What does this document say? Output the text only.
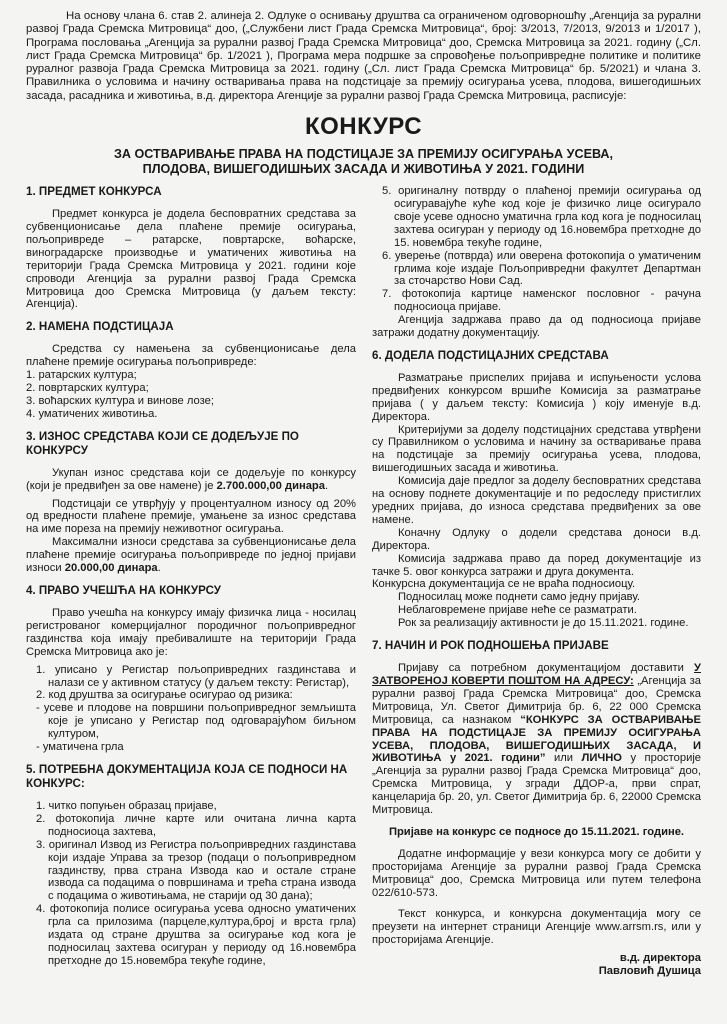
На основу члана 6. став 2. алинеја 2. Одлуке о оснивању друштва са ограниченом одговорношћу „Агенција за рурални развој Града Сремска Митровица“ доо, („Службени лист Града Сремска Митровица“, број: 3/2013, 7/2013, 9/2013 и 1/2017 ), Програма пословања „Агенција за рурални развој Града Сремска Митровица“ доо, Сремска Митровица за 2021. годину („Сл. лист Града Сремска Митровица“ бр. 1/2021 ), Програма мера подршке за спровођење пољопривредне политике и политике руралног развоја Града Сремска Митровица за 2021. годину („Сл. лист Града Сремска Митровица“ бр. 5/2021) и члана 3. Правилника о условима и начину остваривања права на подстицаје за премију осигурања усева, плодова, вишегодишњих засада, расадника и животиња, в.д. директора Агенције за рурални развој Града Сремска Митровица, расписује:

КОНКУРС
ЗА ОСТВАРИВАЊЕ ПРАВА НА ПОДСТИЦАЈЕ ЗА ПРЕМИЈУ ОСИГУРАЊА УСЕВА,
ПЛОДОВА, ВИШЕГОДИШЊИХ ЗАСАДА И ЖИВОТИЊА У 2021. ГОДИНИ
1. ПРЕДМЕТ КОНКУРСА

Предмет конкурса је додела бесповратних средстава за субвенционисање дела плаћене премије осигурања, пољопривреде – ратарске, повртарске, воћарске, виноградарске производње и уматичених животиња на територији Града Сремска Митровица у 2021. години које спроводи Агенција за рурални развој Града Сремска Митровица доо Сремска Митровица (у даљем тексту: Агенција).

2. НАМЕНА ПОДСТИЦАЈА

Средства су намењена за субвенционисање дела плаћене премије осигурања пољопривреде:

1. ратарских култура;

2. повртарских култура;

3. воћарских култура и винове лозе;

4. уматичених животиња.

3. ИЗНОС СРЕДСТАВА КОЈИ СЕ ДОДЕЉУЈЕ ПО КОНКУРСУ

Укупан износ средстава који се додељује по конкурсу (који је предвиђен за ове намене) је 2.700.000,00 динара.

Подстицаји се утврђују у процентуалном износу од 20% од вредности плаћене премије, умањене за износ средстава на име пореза на премију неживотног осигурања.

Максимални износи средстава за субвенционисање дела плаћене премије осигурања пољопривреде по једној пријави износи 20.000,00 динара.

4. ПРАВО УЧЕШЋА НА КОНКУРСУ

Право учешћа на конкурсу имају физичка лица - носилац регистрованог комерцијалног породичног пољопривредног газдинства која имају пребивалиште на територији Града Сремска Митровица ако је:

1. уписано у Регистар пољопривредних газдинстава и налази се у активном статусу (у даљем тексту: Регистар),

2. код друштва за осигурање осигурао од ризика:

- усеве и плодове на површини пољопривредног земљишта које је уписано у Регистар под одговарајућом биљном културом,

- уматичена грла

5. ПОТРЕБНА ДОКУМЕНТАЦИЈА КОЈА СЕ ПОДНОСИ НА КОНКУРС:

1. читко попуњен образац пријаве,

2. фотокопија личне карте или очитана лична карта подносиоца захтева,

3. оригинал Извод из Регистра пољопривредних газдинстава који издаје Управа за трезор (подаци о пољопривредном газдинству, прва страна Извода као и остале стране извода са подацима о површинама и трећа страна извода с подацима о животињама, не старији од 30 дана);

4. фотокопија полисе осигурања усева односно уматичених грла са прилозима (парцеле,култура,број и врста грла) издата од стране друштва за осигурање код кога је подносилац захтева осигуран у периоду од 16.новембра претходне до 15.новембра текуће године,

5. оригиналну потврду о плаћеној премији осигурања од осигуравајуће куће код које је физичко лице осигурало своје усеве односно уматична грла код кога је подносилац захтева осигуран у периоду од 16.новембра претходне до 15. новембра текуће године,

6. уверење (потврда) или оверена фотокопија о уматиченим грлима које издаје Пољопривредни факултет Департман за сточарство Нови Сад.

7. фотокопија картице наменског пословног - рачуна подносиоца пријаве.

Агенција задржава право да од подносиоца пријаве затражи додатну документацију.

6. ДОДЕЛА ПОДСТИЦАЈНИХ СРЕДСТАВА

Разматрање приспелих пријава и испуњености услова предвиђених конкурсом вршиће Комисија за разматрање пријава ( у даљем тексту: Комисија ) коју именује в.д. Директора.

Критеријуми за доделу подстицајних средстава утврђени су Правилником о условима и начину за остваривање права на подстицаје за премију осигурања усева, плодова, вишегодишњих засада и животиња.

Комисија даје предлог за доделу бесповратних средстава на основу поднете документације и по редоследу пристиглих уредних пријава, до износа средстава предвиђених за ове намене.

Коначну Одлуку о додели средстава доноси в.д. Директора.

Комисија задржава право да поред документације из тачке 5. овог конкурса затражи и друга документа.

Конкурсна документација се не враћа подносиоцу.

Подносилац може поднети само једну пријаву.

Неблаговремене пријаве неће се разматрати.

Рок за реализацију активности је до 15.11.2021. године.

7. НАЧИН И РОК ПОДНОШЕЊА ПРИЈАВЕ

Пријаву са потребном документацијом доставити У ЗАТВОРЕНОЈ КОВЕРТИ ПОШТОМ НА АДРЕСУ: „Агенција за рурални развој Града Сремска Митровица“ доо, Сремска Митровица, Ул. Светог Димитрија бр. 6, 22 000 Сремска Митровица, са назнаком “КОНКУРС ЗА ОСТВАРИВАЊЕ ПРАВА НА ПОДСТИЦАЈЕ ЗА ПРЕМИЈУ ОСИГУРАЊА УСЕВА, ПЛОДОВА, ВИШЕГОДИШЊИХ ЗАСАДА, И ЖИВОТИЊА у 2021. години” или ЛИЧНО у просторије „Агенција за рурални развој Града Сремска Митровица“ доо, Сремска Митровица, у згради ДДОР-а, први спрат, канцеларија бр. 20, ул. Светог Димитрија бр. 6, 22000 Сремска Митровица.

Пријаве на конкурс се подносе до 15.11.2021. године.

Додатне информације у вези конкурса могу се добити у просторијама Агенције за рурални развој Града Сремска Митровица“ доо, Сремска Митровица или путем телефона 022/610-573.

Текст конкурса, и конкурсна документација могу се преузети на интернет страници Агенције www.arrsm.rs, или у просторијама Агенције.

в.д. директора
Павловић Душица
